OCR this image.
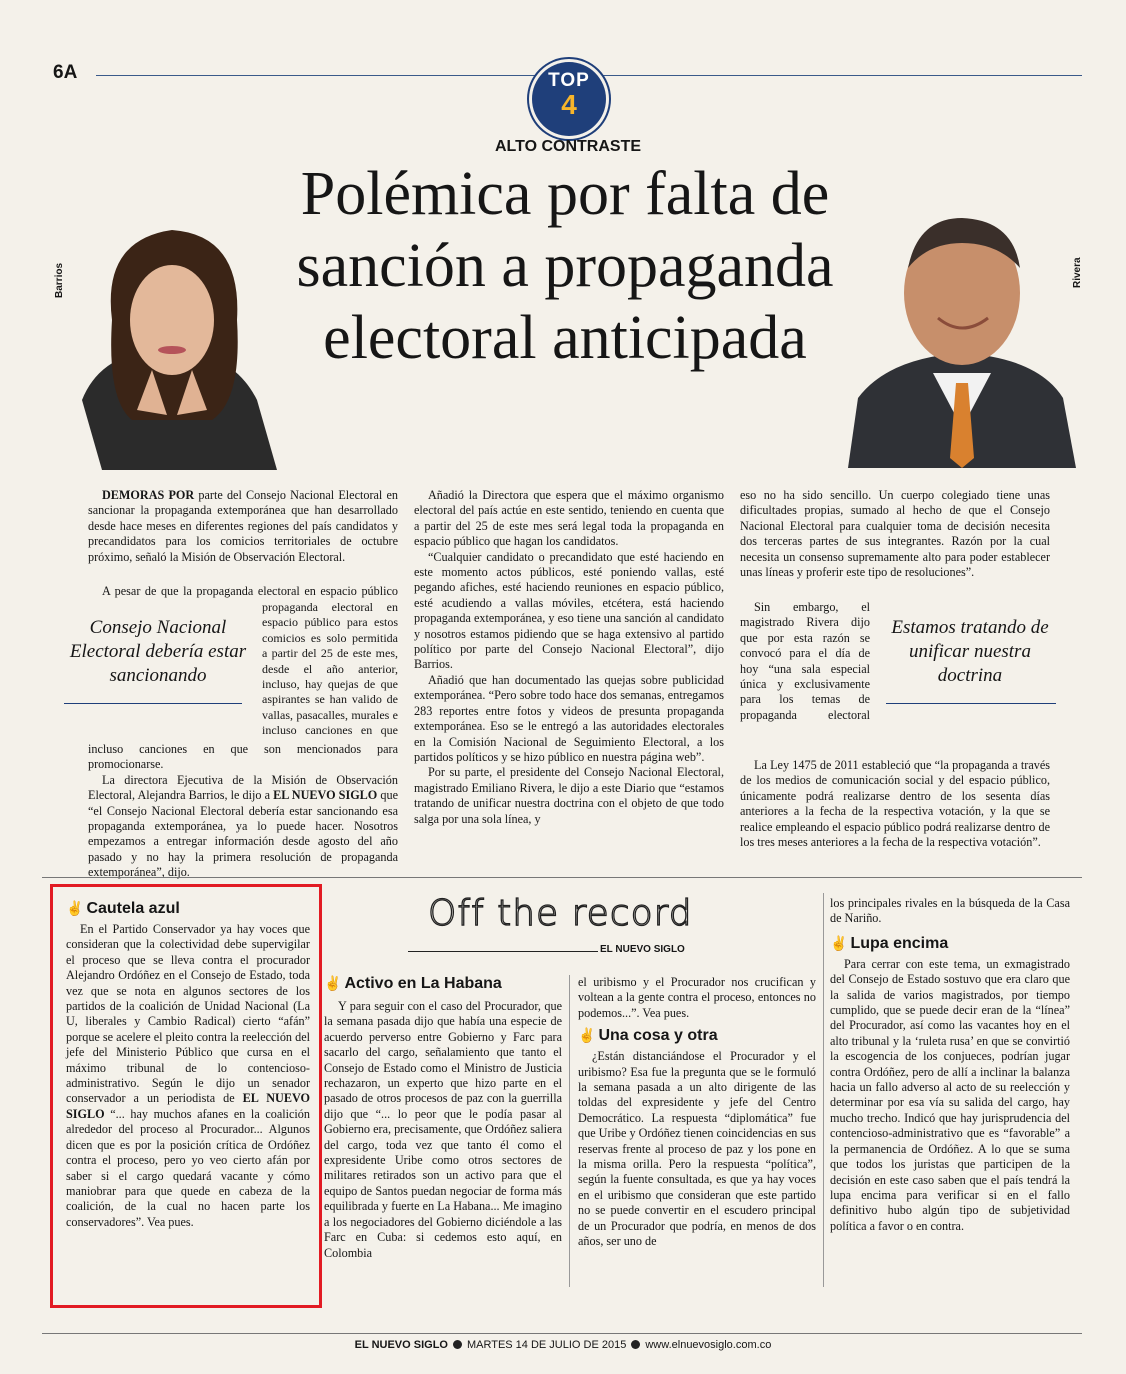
6A	TOP
4
ALTO CONTRASTE
Polémica por falta de sanción a propaganda electoral anticipada
Barrios	Rivera

DEMORAS POR parte del Consejo Nacional Electoral en sancionar la propaganda extemporánea que han desarrollado desde hace meses en diferentes regiones del país candidatos y precandidatos para los comicios territoriales de octubre próximo, señaló la Misión de Observación Electoral.

A pesar de que la propaganda electoral en espacio público

propaganda electoral en espacio público para estos comicios es solo permitida a partir del 25 de este mes, desde el año anterior, incluso, hay quejas de que aspirantes se han valido de vallas, pasacalles, murales e incluso canciones en que

Consejo Nacional Electoral debería estar sancionando

incluso canciones en que son mencionados para promocionarse.

La directora Ejecutiva de la Misión de Observación Electoral, Alejandra Barrios, le dijo a EL NUEVO SIGLO que “el Consejo Nacional Electoral debería estar sancionando esa propaganda extemporánea, ya lo puede hacer. Nosotros empezamos a entregar información desde agosto del año pasado y no hay la primera resolución de propaganda extemporánea”, dijo.

Añadió la Directora que espera que el máximo organismo electoral del país actúe en este sentido, teniendo en cuenta que a partir del 25 de este mes será legal toda la propaganda en espacio público que hagan los candidatos.

“Cualquier candidato o precandidato que esté haciendo en este momento actos públicos, esté poniendo vallas, esté pegando afiches, esté haciendo reuniones en espacio público, esté acudiendo a vallas móviles, etcétera, está haciendo propaganda extemporánea, y eso tiene una sanción al candidato y nosotros estamos pidiendo que se haga extensivo al partido político por parte del Consejo Nacional Electoral”, dijo Barrios.

Añadió que han documentado las quejas sobre publicidad extemporánea. “Pero sobre todo hace dos semanas, entregamos 283 reportes entre fotos y videos de presunta propaganda extemporánea. Eso se le entregó a las autoridades electorales en la Comisión Nacional de Seguimiento Electoral, a los partidos políticos y se hizo público en nuestra página web”.

Por su parte, el presidente del Consejo Nacional Electoral, magistrado Emiliano Rivera, le dijo a este Diario que “estamos tratando de unificar nuestra doctrina con el objeto de que todo salga por una sola línea, y

eso no ha sido sencillo. Un cuerpo colegiado tiene unas dificultades propias, sumado al hecho de que el Consejo Nacional Electoral para cualquier toma de decisión necesita dos terceras partes de sus integrantes. Razón por la cual necesita un consenso supremamente alto para poder establecer unas líneas y proferir este tipo de resoluciones”.

Sin embargo, el magistrado Rivera dijo que por esta razón se convocó para el día de hoy “una sala especial única y exclusivamente para los temas de propaganda electoral

Estamos tratando de unificar nuestra doctrina

La Ley 1475 de 2011 estableció que “la propaganda a través de los medios de comunicación social y del espacio público, únicamente podrá realizarse dentro de los sesenta días anteriores a la fecha de la respectiva votación, y la que se realice empleando el espacio público podrá realizarse dentro de los tres meses anteriores a la fecha de la respectiva votación”.

Off the record
EL NUEVO SIGLO
✌ Cautela azul

En el Partido Conservador ya hay voces que consideran que la colectividad debe supervigilar el proceso que se lleva contra el procurador Alejandro Ordóñez en el Consejo de Estado, toda vez que se nota en algunos sectores de los partidos de la coalición de Unidad Nacional (La U, liberales y Cambio Radical) cierto “afán” porque se acelere el pleito contra la reelección del jefe del Ministerio Público que cursa en el máximo tribunal de lo contencioso-administrativo. Según le dijo un senador conservador a un periodista de EL NUEVO SIGLO “... hay muchos afanes en la coalición alrededor del proceso al Procurador... Algunos dicen que es por la posición crítica de Ordóñez contra el proceso, pero yo veo cierto afán por saber si el cargo quedará vacante y cómo maniobrar para que quede en cabeza de la coalición, de la cual no hacen parte los conservadores”. Vea pues.

✌ Activo en La Habana

Y para seguir con el caso del Procurador, que la semana pasada dijo que había una especie de acuerdo perverso entre Gobierno y Farc para sacarlo del cargo, señalamiento que tanto el Consejo de Estado como el Ministro de Justicia rechazaron, un experto que hizo parte en el pasado de otros procesos de paz con la guerrilla dijo que “... lo peor que le podía pasar al Gobierno era, precisamente, que Ordóñez saliera del cargo, toda vez que tanto él como el expresidente Uribe como otros sectores de militares retirados son un activo para que el equipo de Santos puedan negociar de forma más equilibrada y fuerte en La Habana... Me imagino a los negociadores del Gobierno diciéndole a las Farc en Cuba: si cedemos esto aquí, en Colombia

el uribismo y el Procurador nos crucifican y voltean a la gente contra el proceso, entonces no podemos...”. Vea pues.

✌ Una cosa y otra

¿Están distanciándose el Procurador y el uribismo? Esa fue la pregunta que se le formuló la semana pasada a un alto dirigente de las toldas del expresidente y jefe del Centro Democrático. La respuesta “diplomática” fue que Uribe y Ordóñez tienen coincidencias en sus reservas frente al proceso de paz y los pone en la misma orilla. Pero la respuesta “política”, según la fuente consultada, es que ya hay voces en el uribismo que consideran que este partido no se puede convertir en el escudero principal de un Procurador que podría, en menos de dos años, ser uno de

los principales rivales en la búsqueda de la Casa de Nariño.

✌ Lupa encima

Para cerrar con este tema, un exmagistrado del Consejo de Estado sostuvo que era claro que la salida de varios magistrados, por tiempo cumplido, que se puede decir eran de la “línea” del Procurador, así como las vacantes hoy en el alto tribunal y la ‘ruleta rusa’ en que se convirtió la escogencia de los conjueces, podrían jugar contra Ordóñez, pero de allí a inclinar la balanza hacia un fallo adverso al acto de su reelección y determinar por esa vía su salida del cargo, hay mucho trecho. Indicó que hay jurisprudencia del contencioso-administrativo que es “favorable” a la permanencia de Ordóñez. A lo que se suma que todos los juristas que participen de la decisión en este caso saben que el país tendrá la lupa encima para verificar si en el fallo definitivo hubo algún tipo de subjetividad política a favor o en contra.

EL NUEVO SIGLO MARTES 14 DE JULIO DE 2015 www.elnuevosiglo.com.co
